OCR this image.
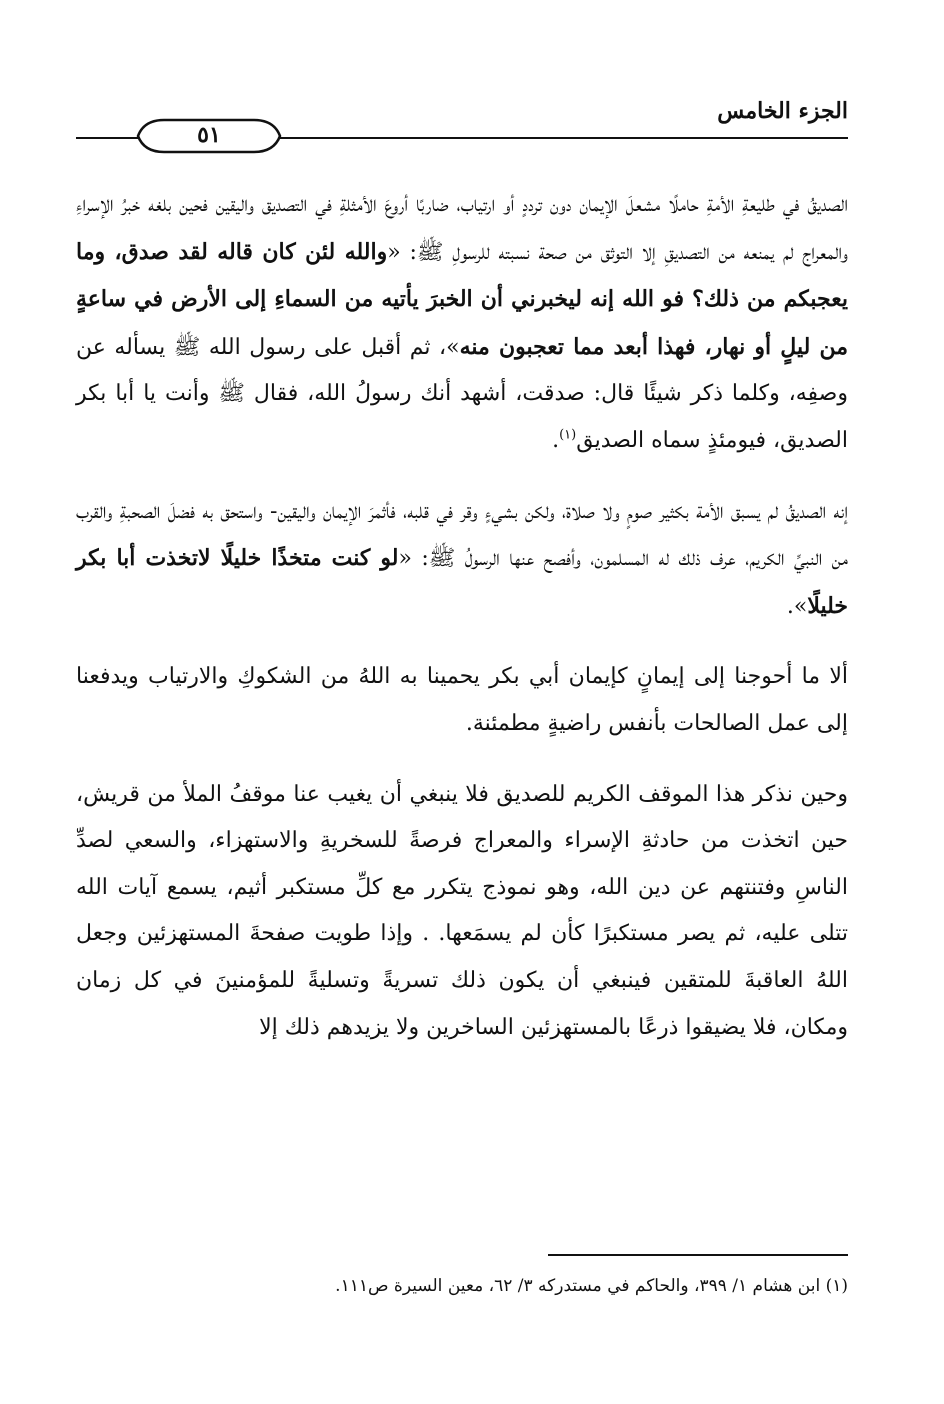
الجزء الخامس
٥١

الصديقُ في طليعةِ الأمةِ حاملًا مشعلَ الإيمان دون ترددٍ أو ارتياب، ضاربًا أروعَ الأمثلةِ في التصديق واليقين فحين بلغه خبرُ الإسراءِ والمعراج لم يمنعه من التصديقِ إلا التوثق من صحة نسبته للرسولِ ﷺ: «والله لئن كان قاله لقد صدق، وما يعجبكم من ذلك؟ فو الله إنه ليخبرني أن الخبرَ يأتيه من السماءِ إلى الأرض في ساعةٍ من ليلٍ أو نهار، فهذا أبعد مما تعجبون منه»، ثم أقبل على رسول الله ﷺ يسأله عن وصفِه، وكلما ذكر شيئًا قال: صدقت، أشهد أنك رسولُ الله، فقال ﷺ وأنت يا أبا بكر الصديق، فيومئذٍ سماه الصديق$^{(١)}$.

إنه الصديقُ لم يسبق الأمة بكثير صومٍ ولا صلاة، ولكن بشيءٍ وقر في قلبه، فأثمرَ الإيمان واليقين- واستحق به فضلَ الصحبةِ والقرب من النبيِّ الكريم، عرف ذلك له المسلمون، وأفصح عنها الرسولُ ﷺ: «لو كنت متخذًا خليلًا لاتخذت أبا بكر خليلًا».

ألا ما أحوجنا إلى إيمانٍ كإيمان أبي بكر يحمينا به اللهُ من الشكوكِ والارتياب ويدفعنا إلى عمل الصالحات بأنفس راضيةٍ مطمئنة.

وحين نذكر هذا الموقف الكريم للصديق فلا ينبغي أن يغيب عنا موقفُ الملأ من قريش، حين اتخذت من حادثةِ الإسراء والمعراج فرصةً للسخريةِ والاستهزاء، والسعي لصدِّ الناسِ وفتنتهم عن دين الله، وهو نموذج يتكرر مع كلِّ مستكبر أثيم، يسمع آيات الله تتلى عليه، ثم يصر مستكبرًا كأن لم يسمَعها. . وإذا طويت صفحةَ المستهزئين وجعل اللهُ العاقبةَ للمتقين فينبغي أن يكون ذلك تسريةً وتسليةً للمؤمنينَ في كل زمان ومكان، فلا يضيقوا ذرعًا بالمستهزئين الساخرين ولا يزيدهم ذلك إلا

(١) ابن هشام ١/ ٣٩٩، والحاكم في مستدركه ٣/ ٦٢، معين السيرة ص١١١.
